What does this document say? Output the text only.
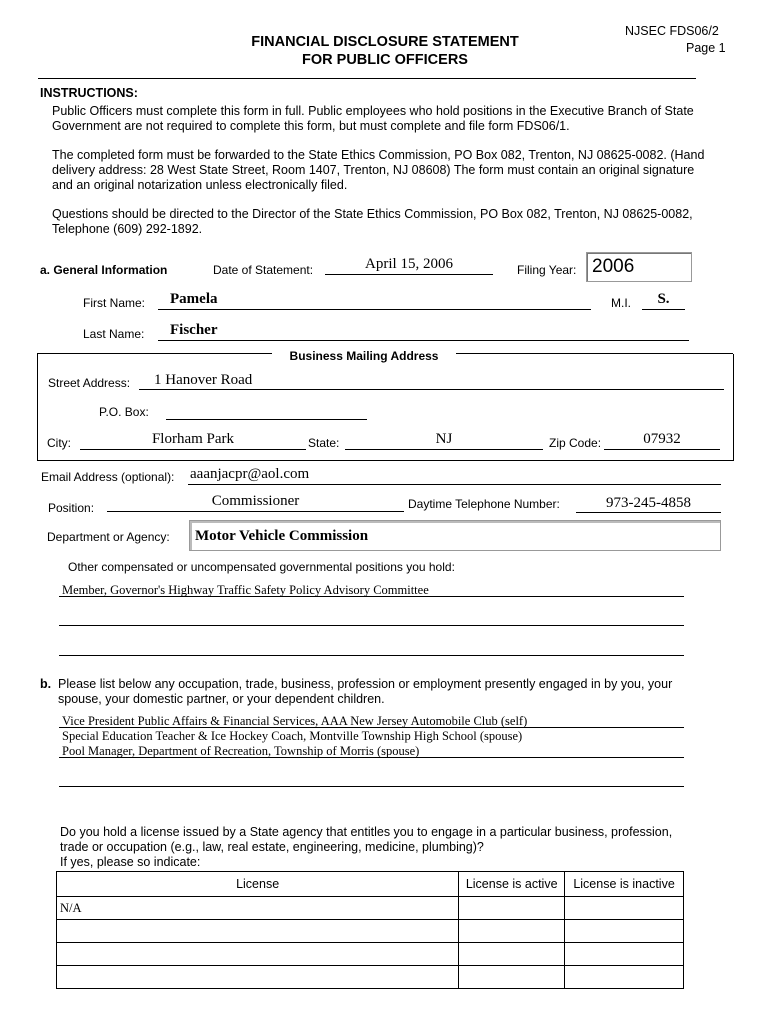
NJSEC FDS06/2
Page 1
FINANCIAL DISCLOSURE STATEMENT
FOR PUBLIC OFFICERS
INSTRUCTIONS:
Public Officers must complete this form in full. Public employees who hold positions in the Executive Branch of State
Government are not required to complete this form, but must complete and file form FDS06/1.
The completed form must be forwarded to the State Ethics Commission, PO Box 082, Trenton, NJ 08625-0082. (Hand
delivery address: 28 West State Street, Room 1407, Trenton, NJ 08608) The form must contain an original signature
and an original notarization unless electronically filed.
Questions should be directed to the Director of the State Ethics Commission, PO Box 082, Trenton, NJ 08625-0082,
Telephone (609) 292-1892.
a. General Information	Date of Statement:	April 15, 2006	Filing Year: 2006
First Name: Pamela	M.I.	S.
Last Name: Fischer
Business Mailing Address
Street Address: 1 Hanover Road
P.O. Box:
City:	Florham Park	State:	NJ	Zip Code:	07932
Email Address (optional): aaanjacpr@aol.com
Position:	Commissioner	Daytime Telephone Number:	973-245-4858
Department or Agency: Motor Vehicle Commission
Other compensated or uncompensated governmental positions you hold:
Member, Governor's Highway Traffic Safety Policy Advisory Committee
b. Please list below any occupation, trade, business, profession or employment presently engaged in by you, your
spouse, your domestic partner, or your dependent children.
Vice President Public Affairs & Financial Services, AAA New Jersey Automobile Club (self)
Special Education Teacher & Ice Hockey Coach, Montville Township High School (spouse)
Pool Manager, Department of Recreation, Township of Morris (spouse)
Do you hold a license issued by a State agency that entitles you to engage in a particular business, profession,
trade or occupation (e.g., law, real estate, engineering, medicine, plumbing)?
If yes, please so indicate:
License	License is active	License is inactive
N/A		
